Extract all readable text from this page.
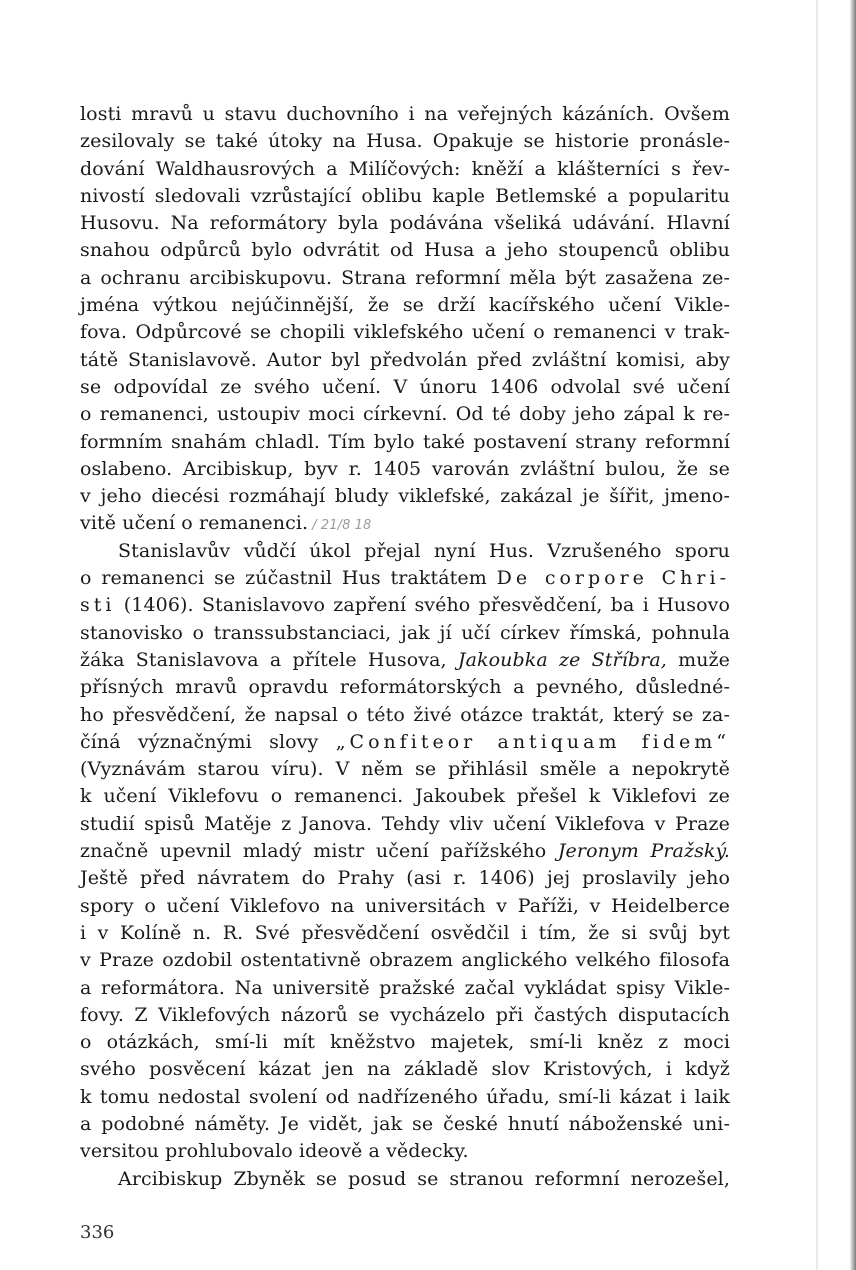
losti mravů u stavu duchovního i na veřejných kázáních. Ovšem
zesilovaly se také útoky na Husa. Opakuje se historie pronásle-
dování Waldhausrových a Milíčových: kněží a klášterníci s řev-
nivostí sledovali vzrůstající oblibu kaple Betlemské a popularitu
Husovu. Na reformátory byla podávána všeliká udávání. Hlavní
snahou odpůrců bylo odvrátit od Husa a jeho stoupenců oblibu
a ochranu arcibiskupovu. Strana reformní měla být zasažena ze-
jména výtkou nejúčinnější, že se drží kacířského učení Vikle-
fova. Odpůrcové se chopili viklefského učení o remanenci v trak-
tátě Stanislavově. Autor byl předvolán před zvláštní komisi, aby
se odpovídal ze svého učení. V únoru 1406 odvolal své učení
o remanenci, ustoupiv moci církevní. Od té doby jeho zápal k re-
formním snahám chladl. Tím bylo také postavení strany reformní
oslabeno. Arcibiskup, byv r. 1405 varován zvláštní bulou, že se
v jeho diecési rozmáhají bludy viklefské, zakázal je šířit, jmeno-
vitě učení o remanenci. / 21/8 18
Stanislavův vůdčí úkol přejal nyní Hus. Vzrušeného sporu
o remanenci se zúčastnil Hus traktátem De corpore Chri-
sti (1406). Stanislavovo zapření svého přesvědčení, ba i Husovo
stanovisko o transsubstanciaci, jak jí učí církev římská, pohnula
žáka Stanislavova a přítele Husova, Jakoubka ze Stříbra, muže
přísných mravů opravdu reformátorských a pevného, důsledné-
ho přesvědčení, že napsal o této živé otázce traktát, který se za-
číná význačnými slovy „Confiteor antiquam fidem“
(Vyznávám starou víru). V něm se přihlásil směle a nepokrytě
k učení Viklefovu o remanenci. Jakoubek přešel k Viklefovi ze
studií spisů Matěje z Janova. Tehdy vliv učení Viklefova v Praze
značně upevnil mladý mistr učení pařížského Jeronym Pražský.
Ještě před návratem do Prahy (asi r. 1406) jej proslavily jeho
spory o učení Viklefovo na universitách v Paříži, v Heidelberce
i v Kolíně n. R. Své přesvědčení osvědčil i tím, že si svůj byt
v Praze ozdobil ostentativně obrazem anglického velkého filosofa
a reformátora. Na universitě pražské začal vykládat spisy Vikle-
fovy. Z Viklefových názorů se vycházelo při častých disputacích
o otázkách, smí-li mít kněžstvo majetek, smí-li kněz z moci
svého posvěcení kázat jen na základě slov Kristových, i když
k tomu nedostal svolení od nadřízeného úřadu, smí-li kázat i laik
a podobné náměty. Je vidět, jak se české hnutí náboženské uni-
versitou prohlubovalo ideově a vědecky.
Arcibiskup Zbyněk se posud se stranou reformní nerozešel,
336
